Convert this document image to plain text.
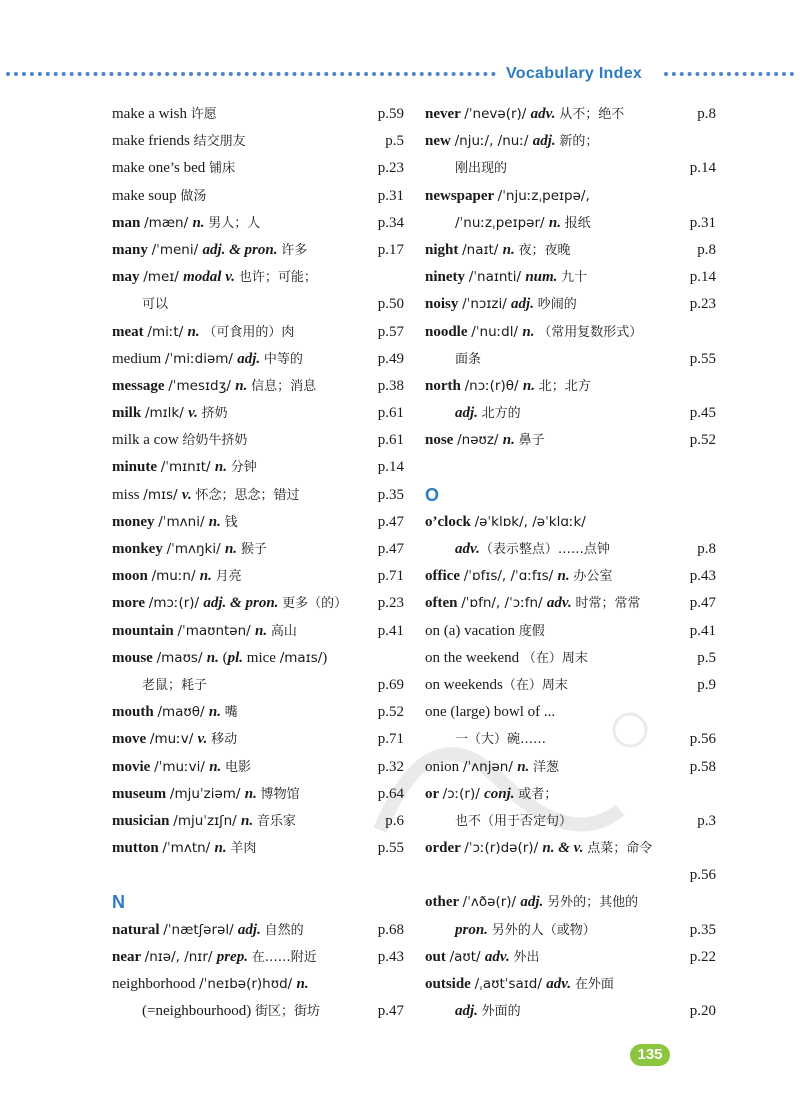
Vocabulary Index
make a wish 许愿	p.59
make friends 结交朋友	p.5
make one’s bed 铺床	p.23
make soup 做汤	p.31
man /mæn/ n. 男人；人	p.34
many /ˈmeni/ adj. & pron. 许多	p.17
may /meɪ/ modal v. 也许；可能；
可以	p.50
meat /miːt/ n. （可食用的）肉	p.57
medium /ˈmiːdiəm/ adj. 中等的	p.49
message /ˈmesɪdʒ/ n. 信息；消息	p.38
milk /mɪlk/ v. 挤奶	p.61
milk a cow 给奶牛挤奶	p.61
minute /ˈmɪnɪt/ n. 分钟	p.14
miss /mɪs/ v. 怀念；思念；错过	p.35
money /ˈmʌni/ n. 钱	p.47
monkey /ˈmʌŋki/ n. 猴子	p.47
moon /muːn/ n. 月亮	p.71
more /mɔː(r)/ adj. & pron. 更多（的） p.23
mountain /ˈmaʊntən/ n. 高山	p.41
mouse /maʊs/ n. (pl. mice /maɪs/)
老鼠；耗子	p.69
mouth /maʊθ/ n. 嘴	p.52
move /muːv/ v. 移动	p.71
movie /ˈmuːvi/ n. 电影	p.32
museum /mjuˈziəm/ n. 博物馆	p.64
musician /mjuˈzɪʃn/ n. 音乐家	p.6
mutton /ˈmʌtn/ n. 羊肉	p.55
N
natural /ˈnætʃərəl/ adj. 自然的	p.68
near /nɪə/, /nɪr/ prep. 在……附近	p.43
neighborhood /ˈneɪbə(r)hʊd/ n.
(=neighbourhood) 街区；街坊	p.47
never /ˈnevə(r)/ adv. 从不；绝不	p.8
new /njuː/, /nuː/ adj. 新的；
刚出现的	p.14
newspaper /ˈnjuːzˌpeɪpə/,
/ˈnuːzˌpeɪpər/ n. 报纸	p.31
night /naɪt/ n. 夜；夜晚	p.8
ninety /ˈnaɪnti/ num. 九十	p.14
noisy /ˈnɔɪzi/ adj. 吵闹的	p.23
noodle /ˈnuːdl/ n. （常用复数形式）
面条	p.55
north /nɔː(r)θ/ n. 北；北方
adj. 北方的	p.45
nose /nəʊz/ n. 鼻子	p.52
O
o’clock /əˈklɒk/, /əˈklɑːk/
adv.（表示整点）……点钟	p.8
office /ˈɒfɪs/, /ˈɑːfɪs/ n. 办公室	p.43
often /ˈɒfn/, /ˈɔːfn/ adv. 时常；常常	p.47
on (a) vacation 度假	p.41
on the weekend （在）周末	p.5
on weekends（在）周末	p.9
one (large) bowl of ...
一（大）碗……	p.56
onion /ˈʌnjən/ n. 洋葱	p.58
or /ɔː(r)/ conj. 或者；
也不（用于否定句）	p.3
order /ˈɔː(r)də(r)/ n. & v. 点菜；命令
p.56
other /ˈʌðə(r)/ adj. 另外的；其他的
pron. 另外的人（或物）	p.35
out /aʊt/ adv. 外出	p.22
outside /ˌaʊtˈsaɪd/ adv. 在外面
adj. 外面的	p.20
135
